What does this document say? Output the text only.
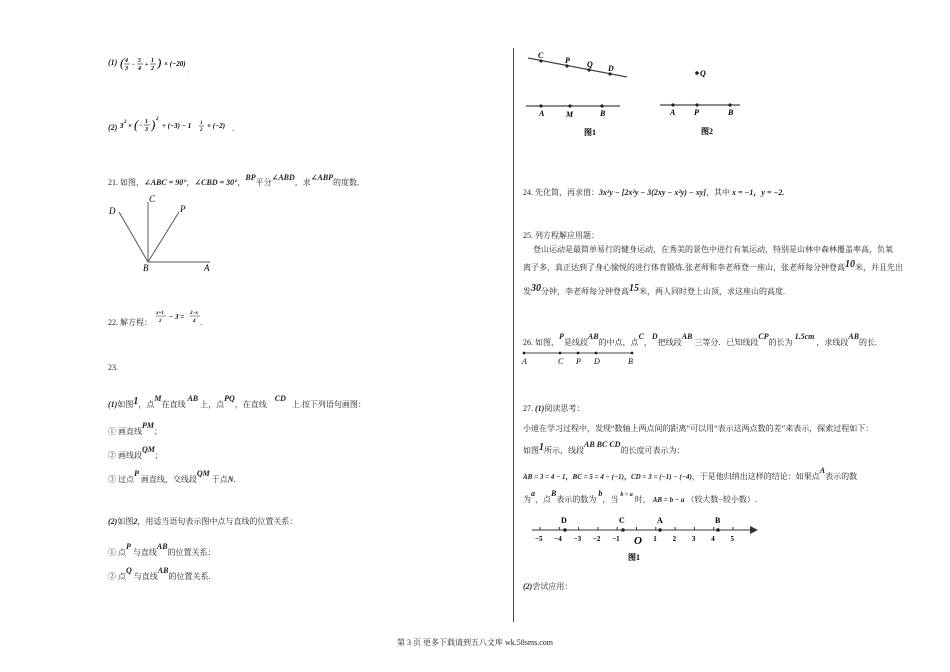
(1) ( 4
3
−
5
4
+
1
2 ) × (−20)
;
(2) 3 2 × ( −
1
3 ) 2
÷ (−3) − 1 1
2
× (−2) .
21. 如图，∠ABC = 90°，∠CBD = 30°，BP平分∠ABD，求∠ABP的度数.
D
C
P
B	A
22. 解方程：
x+1
2
− 3 = 2−x
4 .
23.
(1)如图1，点M在直线 AB 上，点PQ，在直线 CD上.按下列语句画图：
① 画直线PM；
② 画线段QM；
③ 过点P 画直线，交线段QM 于点N.
(2)如图2，用适当语句表示图中点与直线的位置关系：
① 点P 与直线AB的位置关系：
② 点Q 与直线AB的位置关系.
C
P Q D
A	M	B
图1
Q
A P	B
图2
24. 先化简，再求值：3x²y − [2x²y − 3(2xy − x²y) − xy]，其中 x = −1，y = −2.
25. 列方程解应用题：
登山运动是最简单易行的健身运动，在秀美的景色中进行有氧运动，特别是山林中森林覆盖率高，负氧
离子多，真正达到了身心愉悦的进行体育锻炼.张老师和李老师登一座山，张老师每分钟登高10米，并且先出
发30分钟，李老师每分钟登高15米，两人同时登上山顶，求这座山的高度.
26. 如图，P是线段AB的中点，点C，D把线段AB 三等分．已知线段CP的长为 1.5cm ，求线段AB的长.
A	C P D	B
27. (1)阅读思考：
小迪在学习过程中，发现“数轴上两点间的距离”可以用“表示这两点数的差”来表示，探索过程如下：
如图1所示，线段AB BC CD的长度可表示为：
AB = 3 = 4 − 1，BC = 5 = 4 − (−1)，CD = 3 = (−1) − (−4)，于是他归纳出这样的结论：如果点A表示的数
为a，点B表示的数为 b，当 $^{b > a}$ 时， AB = b − a （较大数−较小数）.
−5 −4 −3 −2 −1 O 1 2 3 4 5
D	C	A	B
图1
(2)尝试应用：
第 3 页 更多下载请到五八文库 wk.58sms.com
